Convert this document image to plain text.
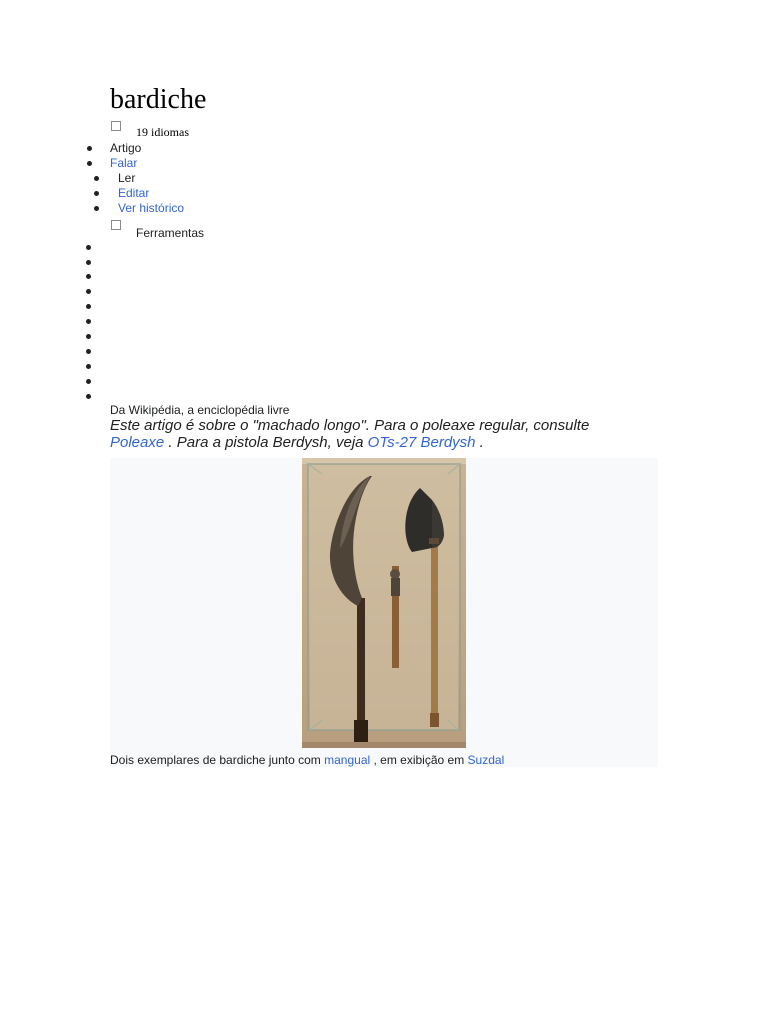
bardiche
19 idiomas
Artigo
Falar
Ler
Editar
Ver histórico
Ferramentas
Da Wikipédia, a enciclopédia livre

Este artigo é sobre o "machado longo". Para o poleaxe regular, consulte Poleaxe . Para a pistola Berdysh, veja OTs-27 Berdysh .

Dois exemplares de bardiche junto com mangual , em exibição em Suzdal
